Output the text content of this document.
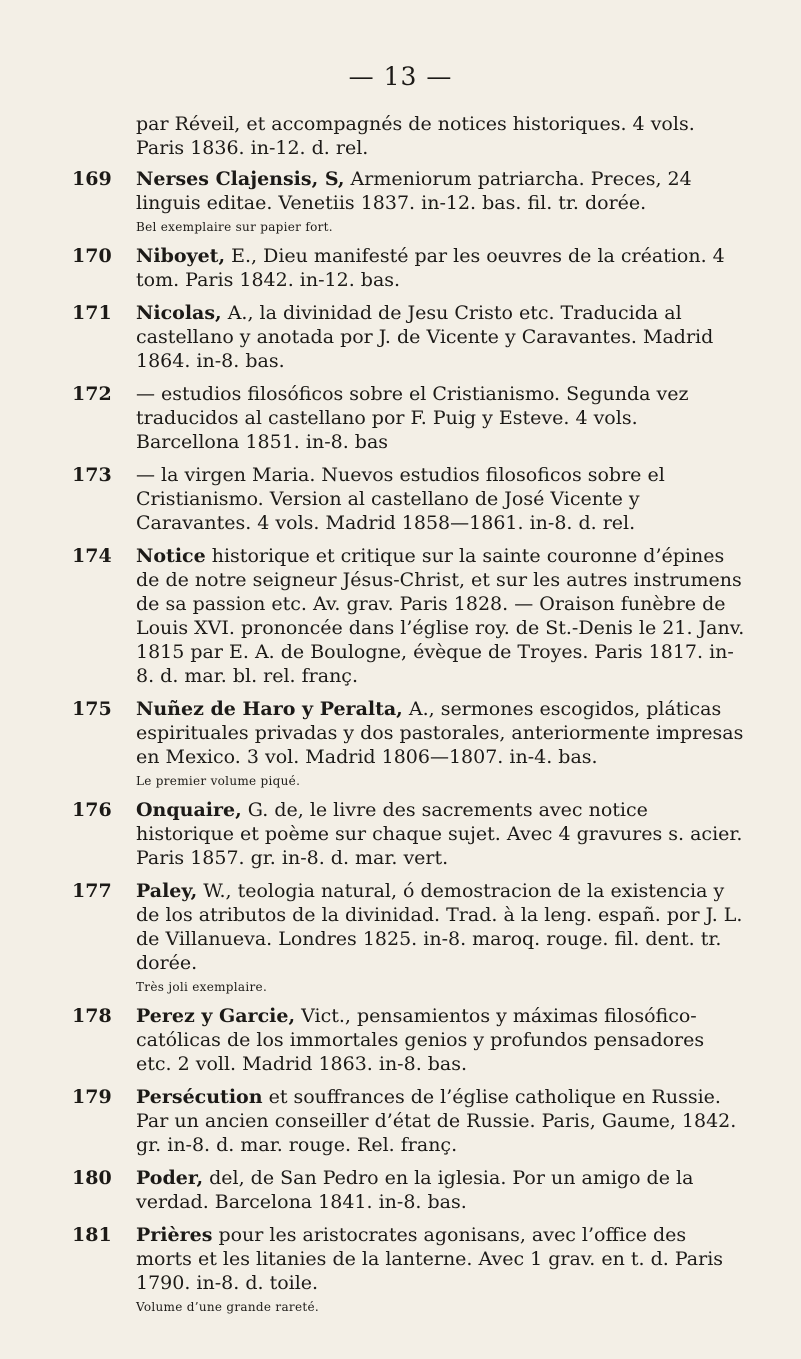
— 13 —

par Réveil, et accompagnés de notices historiques. 4 vols. Paris 1836. in-12. d. rel.

169 Nerses Clajensis, S, Armeniorum patriarcha. Preces, 24 linguis editae. Venetiis 1837. in-12. bas. fil. tr. dorée.

Bel exemplaire sur papier fort.

170 Niboyet, E., Dieu manifesté par les oeuvres de la création. 4 tom. Paris 1842. in-12. bas.

171 Nicolas, A., la divinidad de Jesu Cristo etc. Traducida al castellano y anotada por J. de Vicente y Caravantes. Madrid 1864. in-8. bas.

172 — estudios filosóficos sobre el Cristianismo. Segunda vez traducidos al castellano por F. Puig y Esteve. 4 vols. Barcellona 1851. in-8. bas

173 — la virgen Maria. Nuevos estudios filosoficos sobre el Cristianismo. Version al castellano de José Vicente y Caravantes. 4 vols. Madrid 1858—1861. in-8. d. rel.

174 Notice historique et critique sur la sainte couronne d’épines de de notre seigneur Jésus-Christ, et sur les autres instrumens de sa passion etc. Av. grav. Paris 1828. — Oraison funèbre de Louis XVI. prononcée dans l’église roy. de St.-Denis le 21. Janv. 1815 par E. A. de Boulogne, évèque de Troyes. Paris 1817. in-8. d. mar. bl. rel. franç.

175 Nuñez de Haro y Peralta, A., sermones escogidos, pláticas espirituales privadas y dos pastorales, anteriormente impresas en Mexico. 3 vol. Madrid 1806—1807. in-4. bas.

Le premier volume piqué.

176 Onquaire, G. de, le livre des sacrements avec notice historique et poème sur chaque sujet. Avec 4 gravures s. acier. Paris 1857. gr. in-8. d. mar. vert.

177 Paley, W., teologia natural, ó demostracion de la existencia y de los atributos de la divinidad. Trad. à la leng. españ. por J. L. de Villanueva. Londres 1825. in-8. maroq. rouge. fil. dent. tr. dorée.

Très joli exemplaire.

178 Perez y Garcie, Vict., pensamientos y máximas filosófico-católicas de los immortales genios y profundos pensadores etc. 2 voll. Madrid 1863. in-8. bas.

179 Persécution et souffrances de l’église catholique en Russie. Par un ancien conseiller d’état de Russie. Paris, Gaume, 1842. gr. in-8. d. mar. rouge. Rel. franç.

180 Poder, del, de San Pedro en la iglesia. Por un amigo de la verdad. Barcelona 1841. in-8. bas.

181 Prières pour les aristocrates agonisans, avec l’office des morts et les litanies de la lanterne. Avec 1 grav. en t. d. Paris 1790. in-8. d. toile.

Volume d’une grande rareté.
